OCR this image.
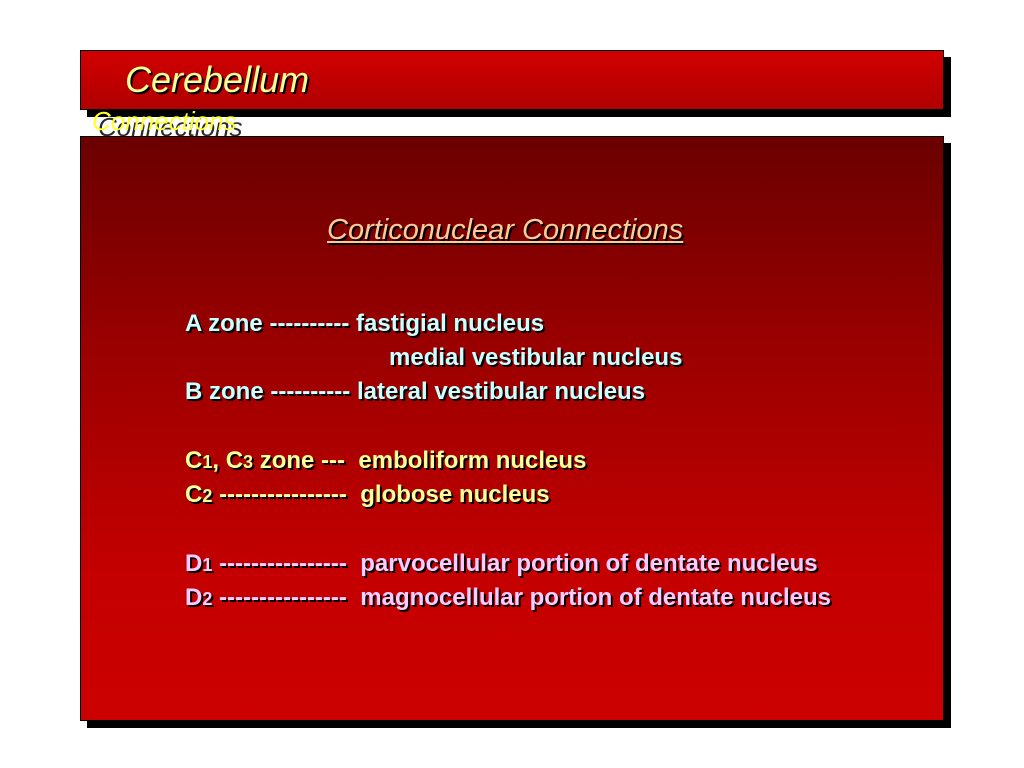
Cerebellum
Connections
Corticonuclear Connections
A zone ---------- fastigial nucleus
medial vestibular nucleus
B zone ---------- lateral vestibular nucleus
C1, C3 zone ---  emboliform nucleus
C2 ----------------  globose nucleus
D1 ----------------  parvocellular portion of dentate nucleus
D2 ----------------  magnocellular portion of dentate nucleus
